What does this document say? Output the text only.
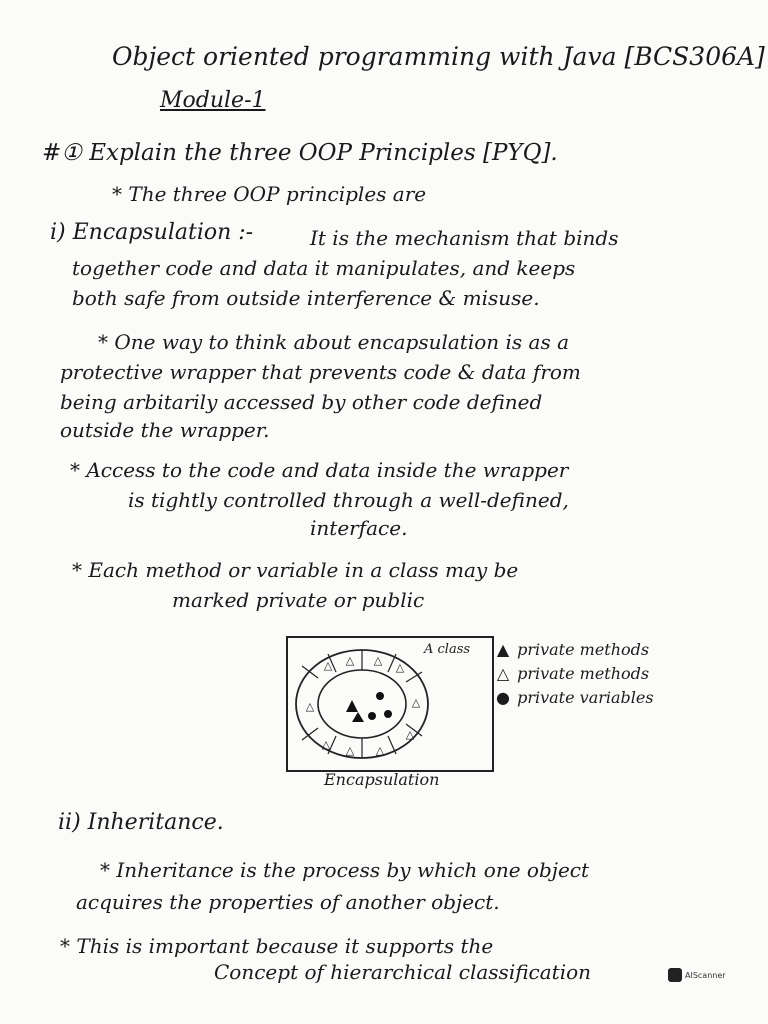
Object oriented programming with Java [BCS306A]
Module-1
#① Explain the three OOP Principles [PYQ].
* The three OOP principles are
i) Encapsulation :-	It is the mechanism that binds
together code and data it manipulates, and keeps
both safe from outside interference & misuse.
* One way to think about encapsulation is as a
protective wrapper that prevents code & data from
being arbitarily accessed by other code defined
outside the wrapper.
* Access to the code and data inside the wrapper
is tightly controlled through a well-defined,
interface.
* Each method or variable in a class may be
marked private or public
△ △ △
△
△	△
△ △ △
△
A class ▲ private methods
△ private methods
● private variables
Encapsulation
ii) Inheritance.
* Inheritance is the process by which one object
acquires the properties of another object.
* This is important because it supports the
Concept of hierarchical classification	AIScanner
